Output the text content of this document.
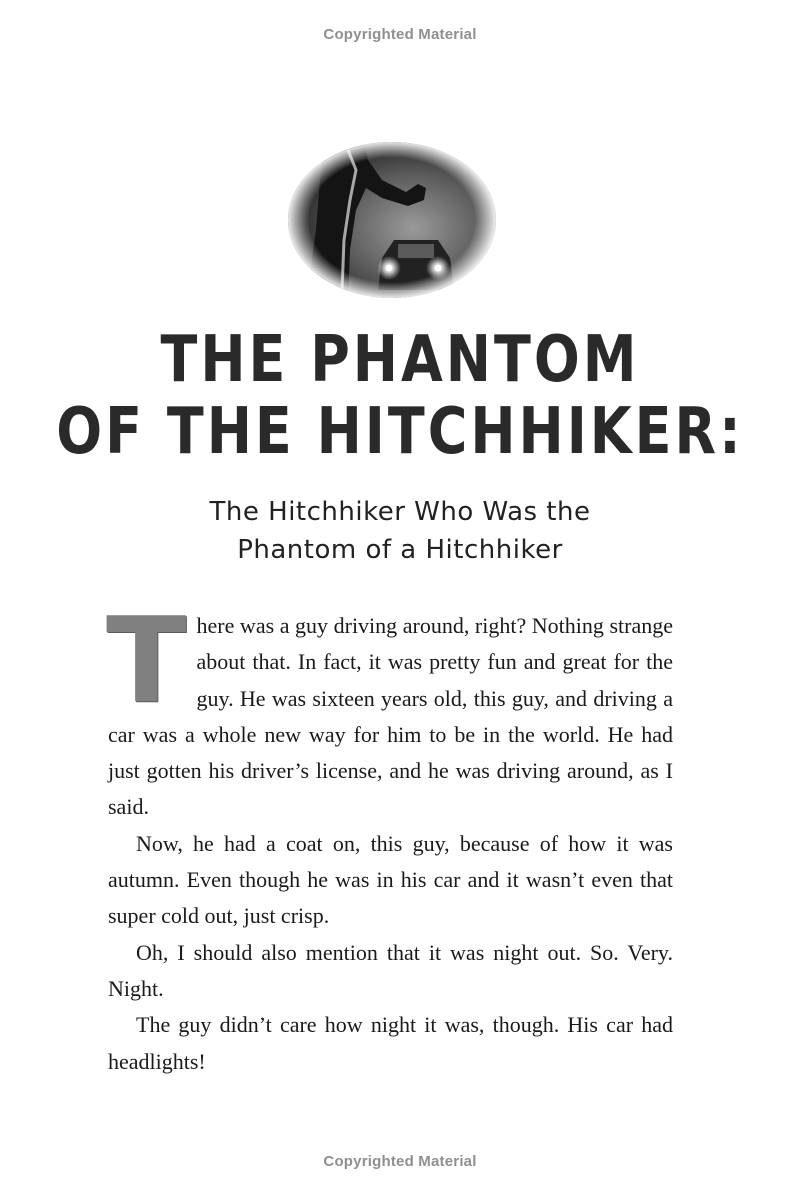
Copyrighted Material
THE PHANTOM
OF THE HITCHHIKER:
The Hitchhiker Who Was the
Phantom of a Hitchhiker

There was a guy driving around, right? Nothing strange about that. In fact, it was pretty fun and great for the guy. He was sixteen years old, this guy, and driving a car was a whole new way for him to be in the world. He had just gotten his driver’s license, and he was driving around, as I said.

Now, he had a coat on, this guy, because of how it was autumn. Even though he was in his car and it wasn’t even that super cold out, just crisp.

Oh, I should also mention that it was night out. So. Very. Night.

The guy didn’t care how night it was, though. His car had headlights!

Copyrighted Material
